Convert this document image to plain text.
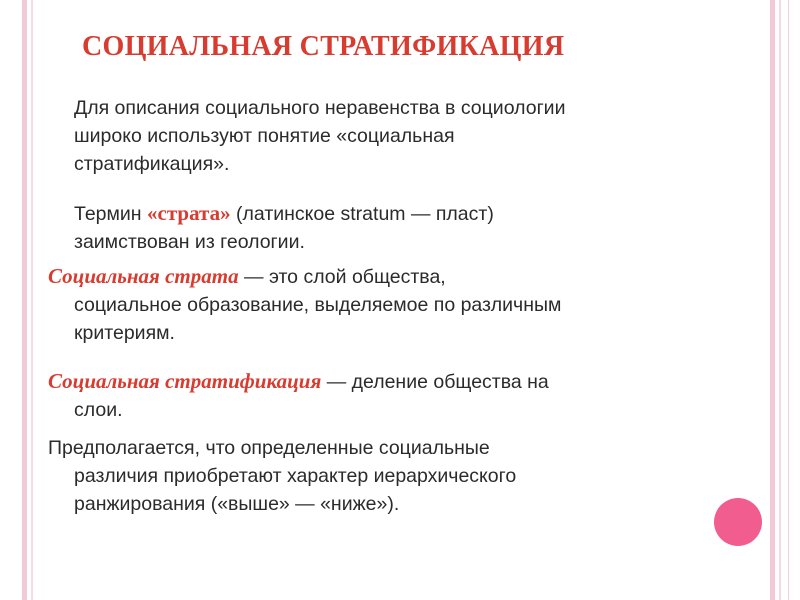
СОЦИАЛЬНАЯ СТРАТИФИКАЦИЯ
Для описания социального неравенства в социологии
широко используют понятие «социальная
стратификация».
Термин «страта» (латинское stratum — пласт)
заимствован из геологии.
Социальная страта — это слой общества,
социальное образование, выделяемое по различным
критериям.
Социальная стратификация — деление общества на
слои.
Предполагается, что определенные социальные
различия приобретают характер иерархического
ранжирования («выше» — «ниже»).
